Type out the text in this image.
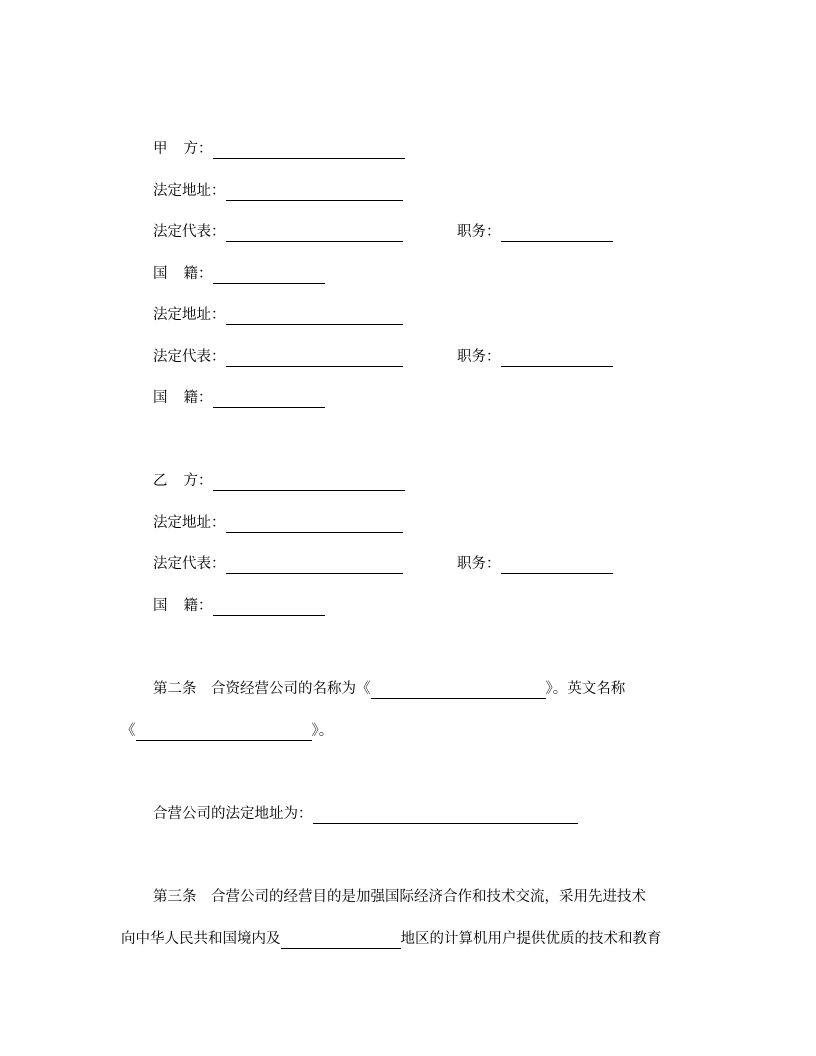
甲 方：
法定地址：
法定代表：	职务：
国 籍：
法定地址：
法定代表：	职务：
国 籍：
乙 方：
法定地址：
法定代表：	职务：
国 籍：
第二条　合资经营公司的名称为《	》。英文名称
《	》。
合营公司的法定地址为：
第三条　合营公司的经营目的是加强国际经济合作和技术交流，采用先进技术
向中华人民共和国境内及	地区的计算机用户提供优质的技术和教育
